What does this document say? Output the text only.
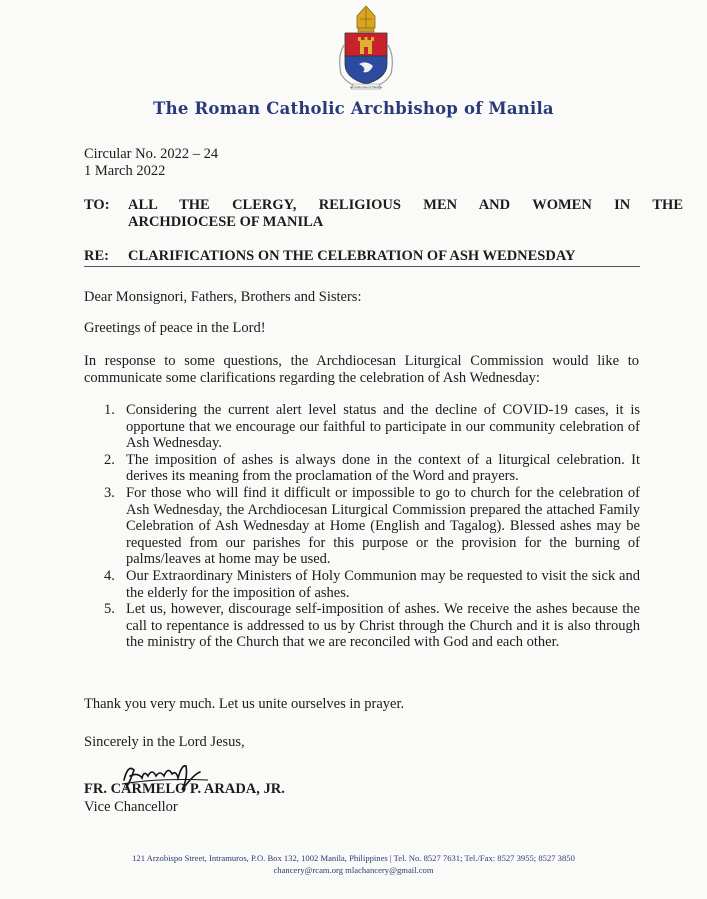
Archdiocese of Manila
The Roman Catholic Archbishop of Manila
Circular No. 2022 – 24
1 March 2022
TO: ALL THE CLERGY, RELIGIOUS MEN AND WOMEN IN THE
ARCHDIOCESE OF MANILA
RE: CLARIFICATIONS ON THE CELEBRATION OF ASH WEDNESDAY
Dear Monsignori, Fathers, Brothers and Sisters:
Greetings of peace in the Lord!
In response to some questions, the Archdiocesan Liturgical Commission would like to communicate some clarifications regarding the celebration of Ash Wednesday:
1. Considering the current alert level status and the decline of COVID-19 cases, it is opportune that we encourage our faithful to participate in our community celebration of Ash Wednesday.
2. The imposition of ashes is always done in the context of a liturgical celebration. It derives its meaning from the proclamation of the Word and prayers.
3. For those who will find it difficult or impossible to go to church for the celebration of Ash Wednesday, the Archdiocesan Liturgical Commission prepared the attached Family Celebration of Ash Wednesday at Home (English and Tagalog). Blessed ashes may be requested from our parishes for this purpose or the provision for the burning of palms/leaves at home may be used.
4. Our Extraordinary Ministers of Holy Communion may be requested to visit the sick and the elderly for the imposition of ashes.
5. Let us, however, discourage self-imposition of ashes. We receive the ashes because the call to repentance is addressed to us by Christ through the Church and it is also through the ministry of the Church that we are reconciled with God and each other.
Thank you very much. Let us unite ourselves in prayer.
Sincerely in the Lord Jesus,
FR. CARMELO P. ARADA, JR.
Vice Chancellor
121 Arzobispo Street, Intramuros, P.O. Box 132, 1002 Manila, Philippines | Tel. No. 8527 7631; Tel./Fax: 8527 3955; 8527 3850
chancery@rcam.org mlachancery@gmail.com
